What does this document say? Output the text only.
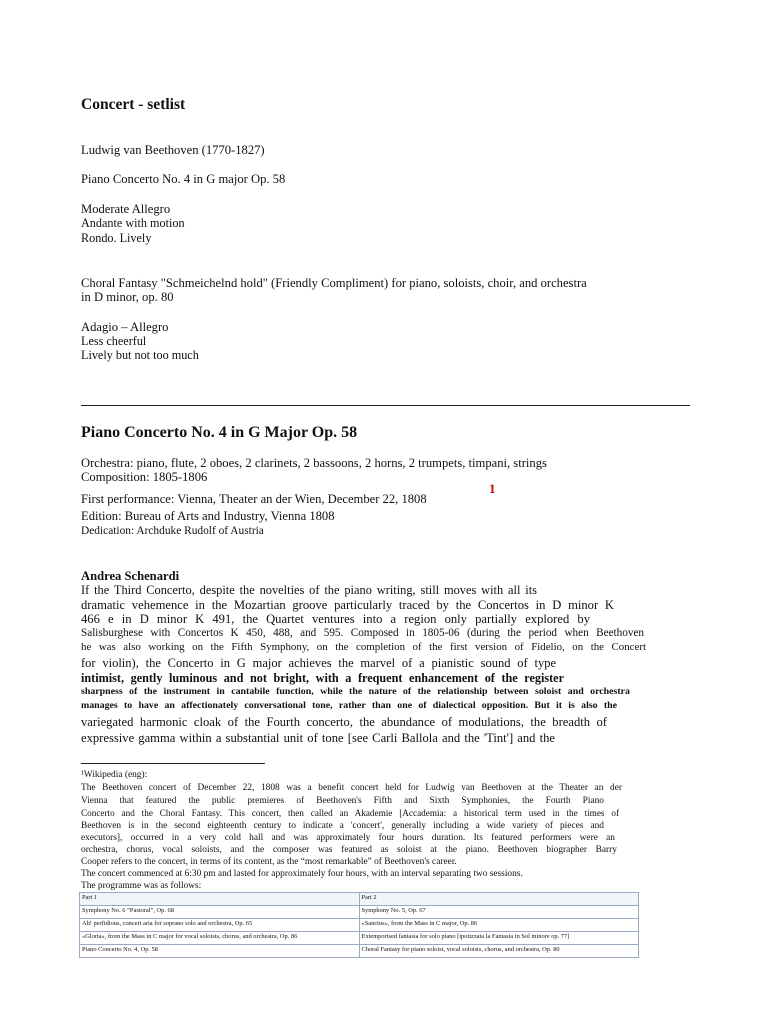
Concert - setlist
Ludwig van Beethoven (1770-1827)
Piano Concerto No. 4 in G major Op. 58
Moderate Allegro
Andante with motion
Rondo. Lively
Choral Fantasy "Schmeichelnd hold" (Friendly Compliment) for piano, soloists, choir, and orchestra
in D minor, op. 80
Adagio – Allegro
Less cheerful
Lively but not too much
Piano Concerto No. 4 in G Major Op. 58
Orchestra: piano, flute, 2 oboes, 2 clarinets, 2 bassoons, 2 horns, 2 trumpets, timpani, strings
Composition: 1805-1806
First performance: Vienna, Theater an der Wien, December 22, 1808
1
Edition: Bureau of Arts and Industry, Vienna 1808
Dedication: Archduke Rudolf of Austria
Andrea Schenardi
If the Third Concerto, despite the novelties of the piano writing, still moves with all its
dramatic vehemence in the Mozartian groove particularly traced by the Concertos in D minor K
466 e in D minor K 491, the Quartet ventures into a region only partially explored by
Salisburghese with Concertos K 450, 488, and 595. Composed in 1805-06 (during the period when Beethoven
he was also working on the Fifth Symphony, on the completion of the first version of Fidelio, on the Concert
for violin), the Concerto in G major achieves the marvel of a pianistic sound of type
intimist, gently luminous and not bright, with a frequent enhancement of the register
sharpness of the instrument in cantabile function, while the nature of the relationship between soloist and orchestra
manages to have an affectionately conversational tone, rather than one of dialectical opposition. But it is also the
variegated harmonic cloak of the Fourth concerto, the abundance of modulations, the breadth of
expressive gamma within a substantial unit of tone [see Carli Ballola and the 'Tint'] and the
¹Wikipedia (eng):
The Beethoven concert of December 22, 1808 was a benefit concert held for Ludwig van Beethoven at the Theater an der
Vienna that featured the public premieres of Beethoven's Fifth and Sixth Symphonies, the Fourth Piano
Concerto and the Choral Fantasy. This concert, then called an Akademie [Accademia: a historical term used in the times of
Beethoven is in the second eighteenth century to indicate a 'concert', generally including a wide variety of pieces and
executors], occurred in a very cold hall and was approximately four hours duration. Its featured performers were an
orchestra, chorus, vocal soloists, and the composer was featured as soloist at the piano. Beethoven biographer Barry
Cooper refers to the concert, in terms of its content, as the “most remarkable” of Beethoven's career.
The concert commenced at 6:30 pm and lasted for approximately four hours, with an interval separating two sessions.
The programme was as follows:
Part 1	Part 2
Symphony No. 6 “Pastoral”, Op. 68	Symphony No. 5, Op. 67
Ah! perfidious, concert aria for soprano solo and orchestra, Op. 65	«Sanctus», from the Mass in C major, Op. 86
«Gloria», from the Mass in C major for vocal soloists, chorus, and orchestra, Op. 86	Extemporised fantasia for solo piano [ipotizzata la Fantasia in Sol minore op. 77]
Piano Concerto No. 4, Op. 58	Choral Fantasy for piano soloist, vocal soloists, chorus, and orchestra, Op. 80
